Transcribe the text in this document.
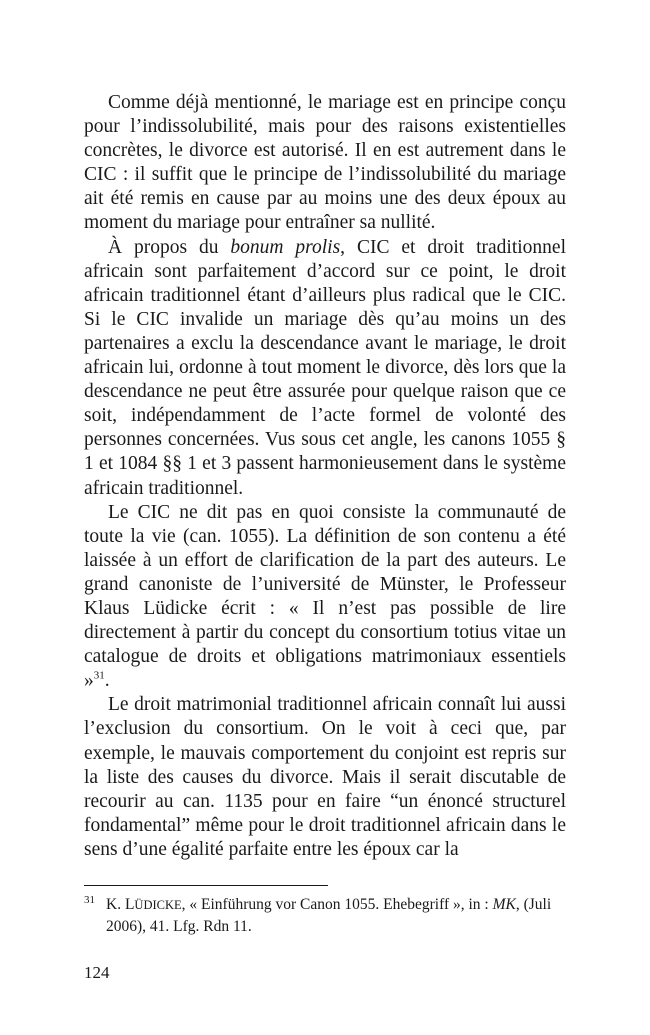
Comme déjà mentionné, le mariage est en principe conçu pour l’indissolubilité, mais pour des raisons existentielles concrètes, le divorce est autorisé. Il en est autrement dans le CIC : il suffit que le principe de l’indissolubilité du mariage ait été remis en cause par au moins une des deux époux au moment du mariage pour entraîner sa nullité.

À propos du bonum prolis, CIC et droit traditionnel africain sont parfaitement d’accord sur ce point, le droit africain traditionnel étant d’ailleurs plus radical que le CIC. Si le CIC invalide un mariage dès qu’au moins un des partenaires a exclu la descendance avant le mariage, le droit africain lui, ordonne à tout moment le divorce, dès lors que la descendance ne peut être assurée pour quelque raison que ce soit, indépendamment de l’acte formel de volonté des personnes concernées. Vus sous cet angle, les canons 1055 § 1 et 1084 §§ 1 et 3 passent harmonieusement dans le système africain traditionnel.

Le CIC ne dit pas en quoi consiste la communauté de toute la vie (can. 1055). La définition de son contenu a été laissée à un effort de clarification de la part des auteurs. Le grand canoniste de l’université de Münster, le Professeur Klaus Lüdicke écrit : « Il n’est pas possible de lire directement à partir du concept du consortium totius vitae un catalogue de droits et obligations matrimoniaux essentiels »$^{31}$.

Le droit matrimonial traditionnel africain connaît lui aussi l’exclusion du consortium. On le voit à ceci que, par exemple, le mauvais comportement du conjoint est repris sur la liste des causes du divorce. Mais il serait discutable de recourir au can. 1135 pour en faire “un énoncé structurel fondamental” même pour le droit traditionnel africain dans le sens d’une égalité parfaite entre les époux car la

31 K. LÜDICKE, « Einführung vor Canon 1055. Ehebegriff », in : MK, (Juli 2006), 41. Lfg. Rdn 11.
124
